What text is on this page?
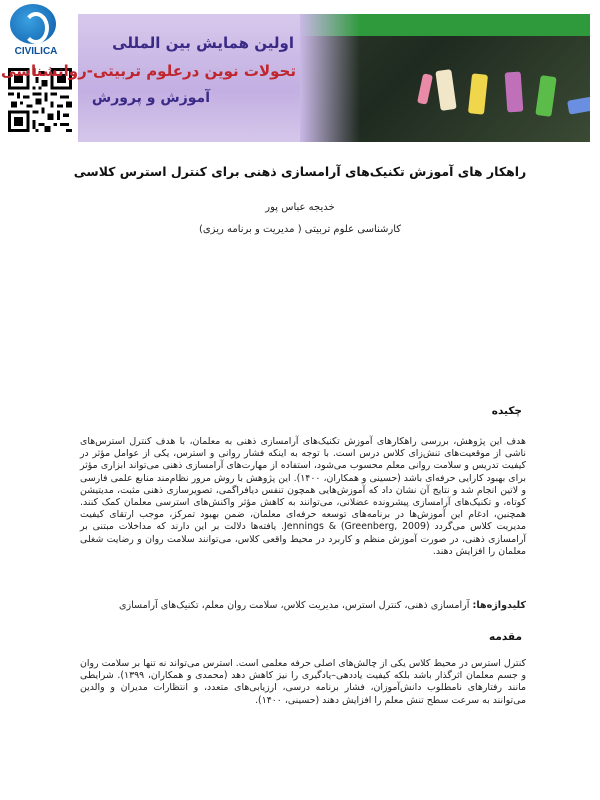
CIVILICA	اولین همایش بین المللی
تحولات نوین درعلوم تربیتی-روانشناسی
آموزش و پرورش
راهکار های آموزش تکنیک‌های آرامسازی ذهنی برای کنترل استرس کلاسی
خدیجه عباس پور
کارشناسی علوم تربیتی ( مدیریت و برنامه ریزی)
چکیده
هدف این پژوهش، بررسی راهکارهای آموزش تکنیک‌های آرامسازی ذهنی به معلمان، با هدف کنترل استرس‌های ناشی از موقعیت‌های تنش‌زای کلاس درس است. با توجه به اینکه فشار روانی و استرس، یکی از عوامل مؤثر در کیفیت تدریس و سلامت روانی معلم محسوب می‌شود، استفاده از مهارت‌های آرامسازی ذهنی می‌تواند ابزاری مؤثر برای بهبود کارایی حرفه‌ای باشد (حسینی و همکاران، ۱۴۰۰). این پژوهش با روش مرور نظام‌مند منابع علمی فارسی و لاتین انجام شد و نتایج آن نشان داد که آموزش‌هایی همچون تنفس دیافراگمی، تصویرسازی ذهنی مثبت، مدیتیشن کوتاه، و تکنیک‌های آرامسازی پیشرونده عضلانی، می‌توانند به کاهش مؤثر واکنش‌های استرسی معلمان کمک کنند. همچنین، ادغام این آموزش‌ها در برنامه‌های توسعه حرفه‌ای معلمان، ضمن بهبود تمرکز، موجب ارتقای کیفیت مدیریت کلاس می‌گردد (Greenberg, 2009) & Jennings. یافته‌ها دلالت بر این دارند که مداخلات مبتنی بر آرامسازی ذهنی، در صورت آموزش منظم و کاربرد در محیط واقعی کلاس، می‌توانند سلامت روان و رضایت شغلی معلمان را افزایش دهند.
کلیدواژه‌ها: آرامسازی ذهنی، کنترل استرس، مدیریت کلاس، سلامت روان معلم، تکنیک‌های آرامسازی
مقدمه
کنترل استرس در محیط کلاس یکی از چالش‌های اصلی حرفه معلمی است. استرس می‌تواند نه تنها بر سلامت روان و جسم معلمان اثرگذار باشد بلکه کیفیت یاددهی–یادگیری را نیز کاهش دهد (محمدی و همکاران، ۱۳۹۹). شرایطی مانند رفتارهای نامطلوب دانش‌آموزان، فشار برنامه درسی، ارزیابی‌های متعدد، و انتظارات مدیران و والدین می‌توانند به سرعت سطح تنش معلم را افزایش دهند (حسینی، ۱۴۰۰).
